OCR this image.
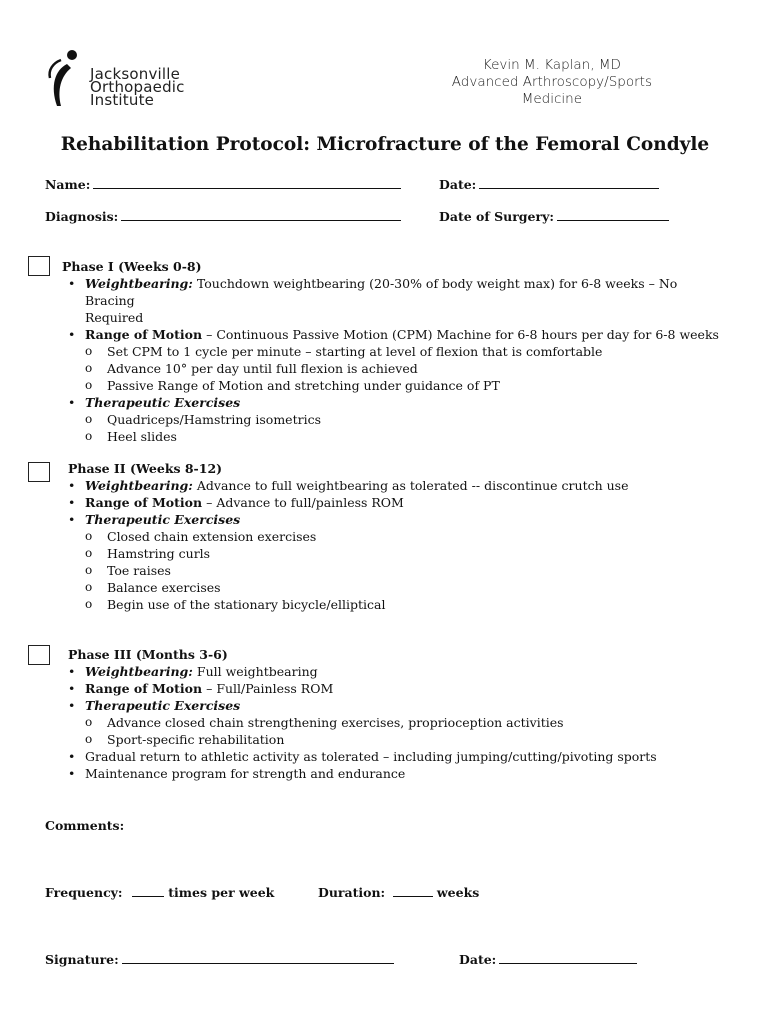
Jacksonville
Orthopaedic
Institute
Kevin M. Kaplan, MD
Advanced Arthroscopy/Sports
Medicine
Rehabilitation Protocol: Microfracture of the Femoral Condyle
Name:	Date:
Diagnosis:	Date of Surgery:
Phase I (Weeks 0-8)
• Weightbearing: Touchdown weightbearing (20-30% of body weight max) for 6-8 weeks – No Bracing
Required
• Range of Motion – Continuous Passive Motion (CPM) Machine for 6-8 hours per day for 6-8 weeks
o Set CPM to 1 cycle per minute – starting at level of flexion that is comfortable
o Advance 10° per day until full flexion is achieved
o Passive Range of Motion and stretching under guidance of PT
• Therapeutic Exercises
o Quadriceps/Hamstring isometrics
o Heel slides
Phase II (Weeks 8-12)
• Weightbearing: Advance to full weightbearing as tolerated -- discontinue crutch use
• Range of Motion – Advance to full/painless ROM
• Therapeutic Exercises
o Closed chain extension exercises
o Hamstring curls
o Toe raises
o Balance exercises
o Begin use of the stationary bicycle/elliptical
Phase III (Months 3-6)
• Weightbearing: Full weightbearing
• Range of Motion – Full/Painless ROM
• Therapeutic Exercises
o Advance closed chain strengthening exercises, proprioception activities
o Sport-specific rehabilitation
• Gradual return to athletic activity as tolerated – including jumping/cutting/pivoting sports
• Maintenance program for strength and endurance
Comments:
Frequency:	times per week	Duration:	weeks
Signature:	Date:
